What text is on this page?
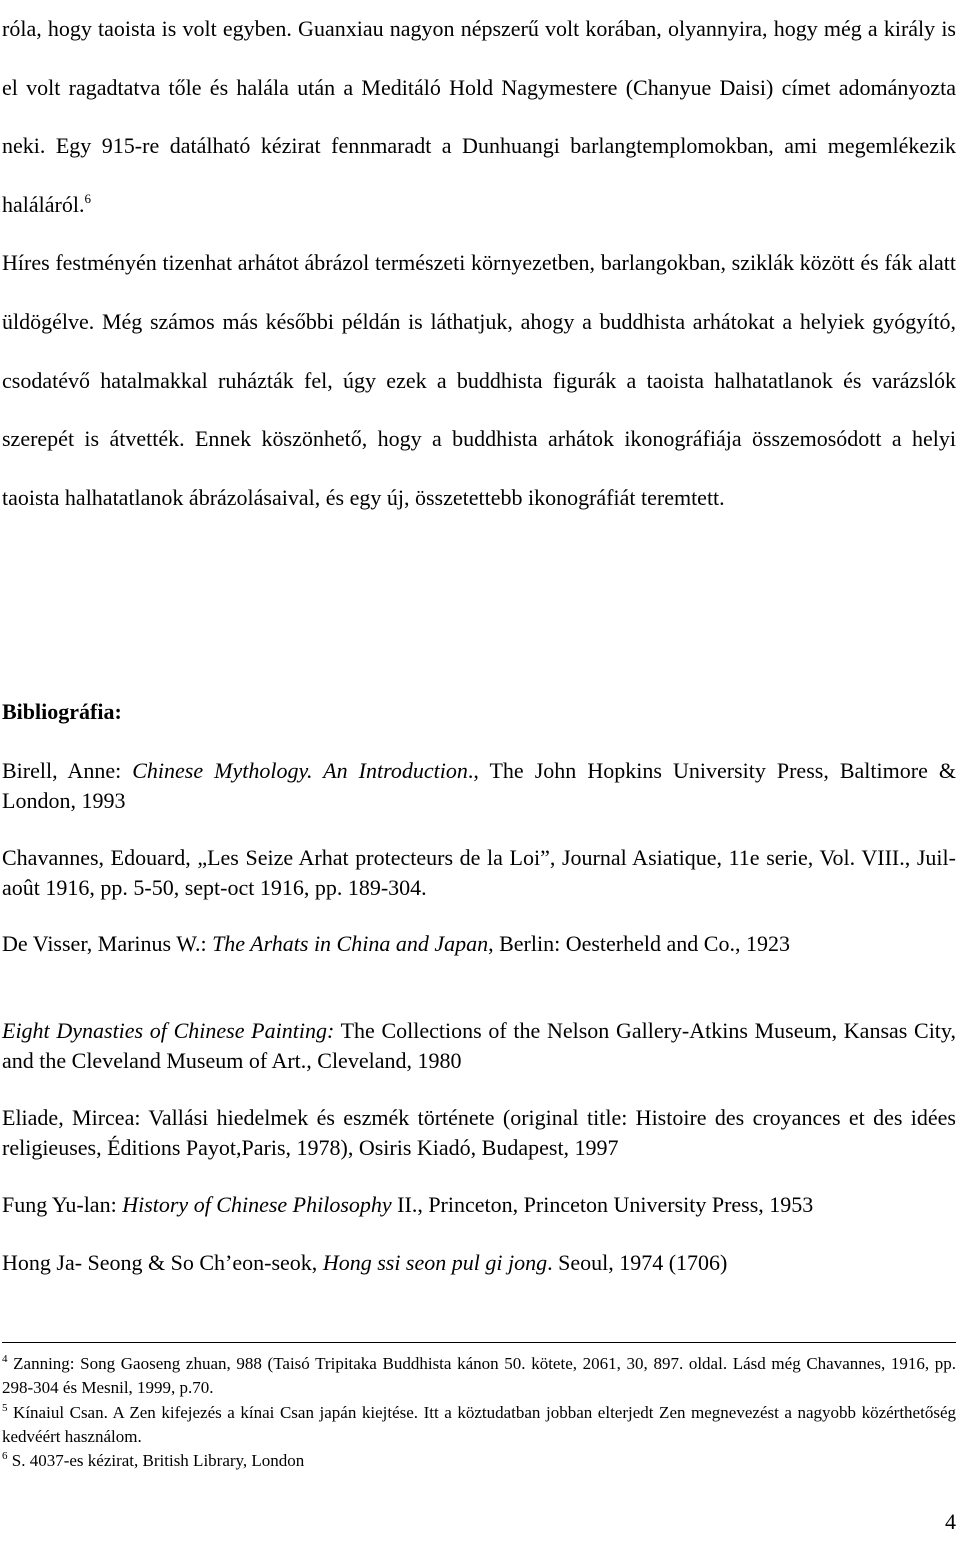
róla, hogy taoista is volt egyben. Guanxiau nagyon népszerű volt korában, olyannyira, hogy még a király is el volt ragadtatva tőle és halála után a Meditáló Hold Nagymestere (Chanyue Daisi) címet adományozta neki. Egy 915-re datálható kézirat fennmaradt a Dunhuangi barlangtemplomokban, ami megemlékezik haláláról.$^6$

Híres festményén tizenhat arhátot ábrázol természeti környezetben, barlangokban, sziklák között és fák alatt üldögélve. Még számos más későbbi példán is láthatjuk, ahogy a buddhista arhátokat a helyiek gyógyító, csodatévő hatalmakkal ruházták fel, úgy ezek a buddhista figurák a taoista halhatatlanok és varázslók szerepét is átvették. Ennek köszönhető, hogy a buddhista arhátok ikonográfiája összemosódott a helyi taoista halhatatlanok ábrázolásaival, és egy új, összetettebb ikonográfiát teremtett.

Bibliográfia:

Birell, Anne: Chinese Mythology. An Introduction., The John Hopkins University Press, Baltimore & London, 1993

Chavannes, Edouard, „Les Seize Arhat protecteurs de la Loi”, Journal Asiatique, 11e serie, Vol. VIII., Juil-août 1916, pp. 5-50, sept-oct 1916, pp. 189-304.

De Visser, Marinus W.: The Arhats in China and Japan, Berlin: Oesterheld and Co., 1923

Eight Dynasties of Chinese Painting: The Collections of the Nelson Gallery-Atkins Museum, Kansas City, and the Cleveland Museum of Art., Cleveland, 1980

Eliade, Mircea: Vallási hiedelmek és eszmék története (original title: Histoire des croyances et des idées religieuses, Éditions Payot,Paris, 1978), Osiris Kiadó, Budapest, 1997

Fung Yu-lan: History of Chinese Philosophy II., Princeton, Princeton University Press, 1953

Hong Ja- Seong & So Ch’eon-seok, Hong ssi seon pul gi jong. Seoul, 1974 (1706)

$^4$ Zanning: Song Gaoseng zhuan, 988 (Taisó Tripitaka Buddhista kánon 50. kötete, 2061, 30, 897. oldal. Lásd még Chavannes, 1916, pp. 298-304 és Mesnil, 1999, p.70.

$^5$ Kínaiul Csan. A Zen kifejezés a kínai Csan japán kiejtése. Itt a köztudatban jobban elterjedt Zen megnevezést a nagyobb közérthetőség kedvéért használom.

$^6$ S. 4037-es kézirat, British Library, London

4
